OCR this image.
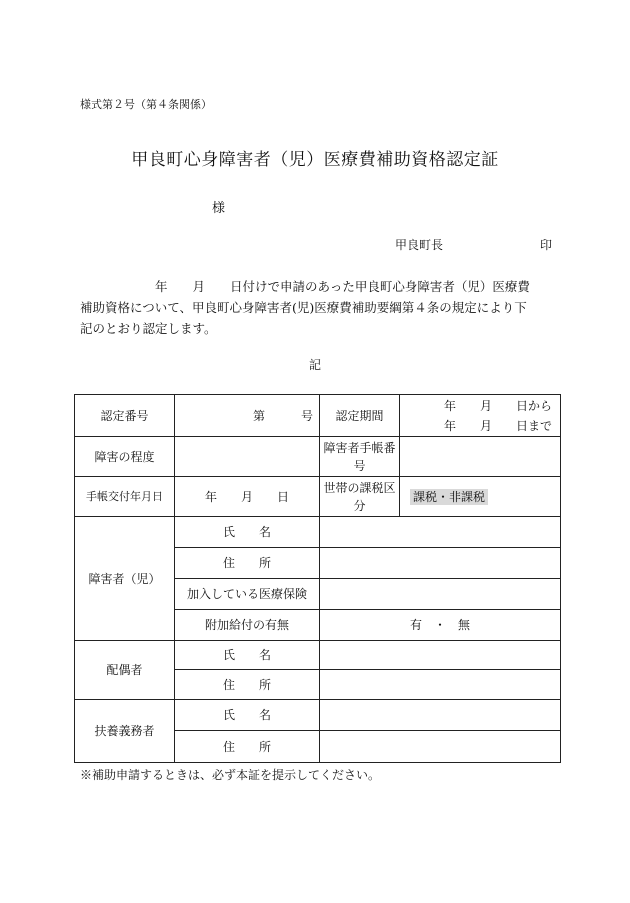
様式第２号（第４条関係）
甲良町心身障害者（児）医療費補助資格認定証
様
甲良町長	印
　　　　　　年　　月　　日付けで申請のあった甲良町心身障害者（児）医療費
補助資格について、甲良町心身障害者(児)医療費補助要綱第４条の規定により下
記のとおり認定します。
記
認定番号	第　　　号	認定期間	年　　月　　日から
年　　月　　日まで

障害の程度		障害者手帳番号	
手帳交付年月日	年　　月　　日	世帯の課税区分	課税・非課税
障害者（児）	氏　　名		
	住　　所		
	加入している医療保険		
	附加給付の有無	有　・　無	
配偶者	氏　　名		
	住　　所		
扶養義務者	氏　　名		
	住　　所		
※補助申請するときは、必ず本証を提示してください。
